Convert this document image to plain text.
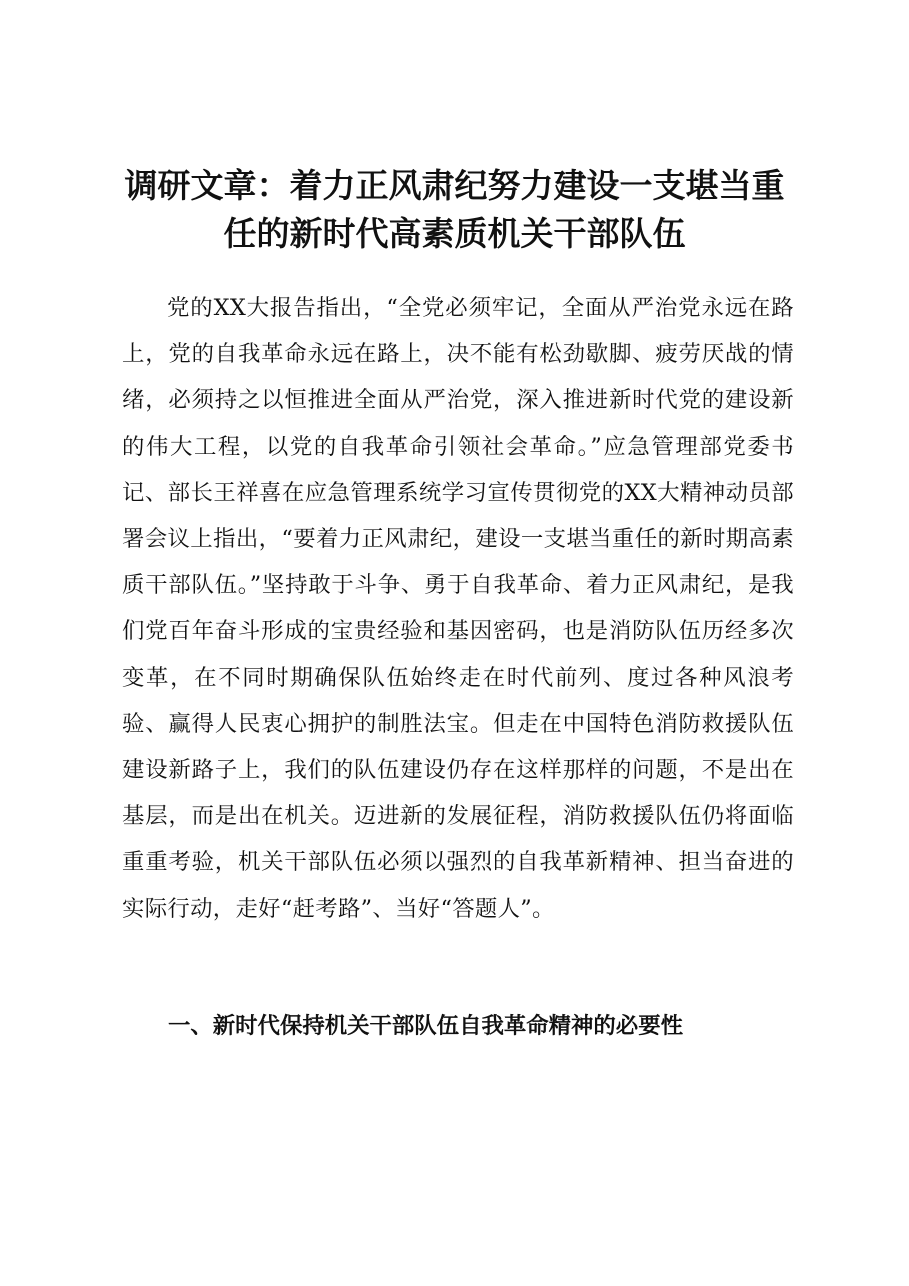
调研文章：着力正风肃纪努力建设一支堪当重
任的新时代高素质机关干部队伍

党的XX大报告指出，“全党必须牢记，全面从严治党永远在路上，党的自我革命永远在路上，决不能有松劲歇脚、疲劳厌战的情绪，必须持之以恒推进全面从严治党，深入推进新时代党的建设新的伟大工程，以党的自我革命引领社会革命。”应急管理部党委书记、部长王祥喜在应急管理系统学习宣传贯彻党的XX大精神动员部署会议上指出，“要着力正风肃纪，建设一支堪当重任的新时期高素质干部队伍。”坚持敢于斗争、勇于自我革命、着力正风肃纪，是我们党百年奋斗形成的宝贵经验和基因密码，也是消防队伍历经多次变革，在不同时期确保队伍始终走在时代前列、度过各种风浪考验、赢得人民衷心拥护的制胜法宝。但走在中国特色消防救援队伍建设新路子上，我们的队伍建设仍存在这样那样的问题，不是出在基层，而是出在机关。迈进新的发展征程，消防救援队伍仍将面临重重考验，机关干部队伍必须以强烈的自我革新精神、担当奋进的实际行动，走好“赶考路”、当好“答题人”。

一、新时代保持机关干部队伍自我革命精神的必要性
